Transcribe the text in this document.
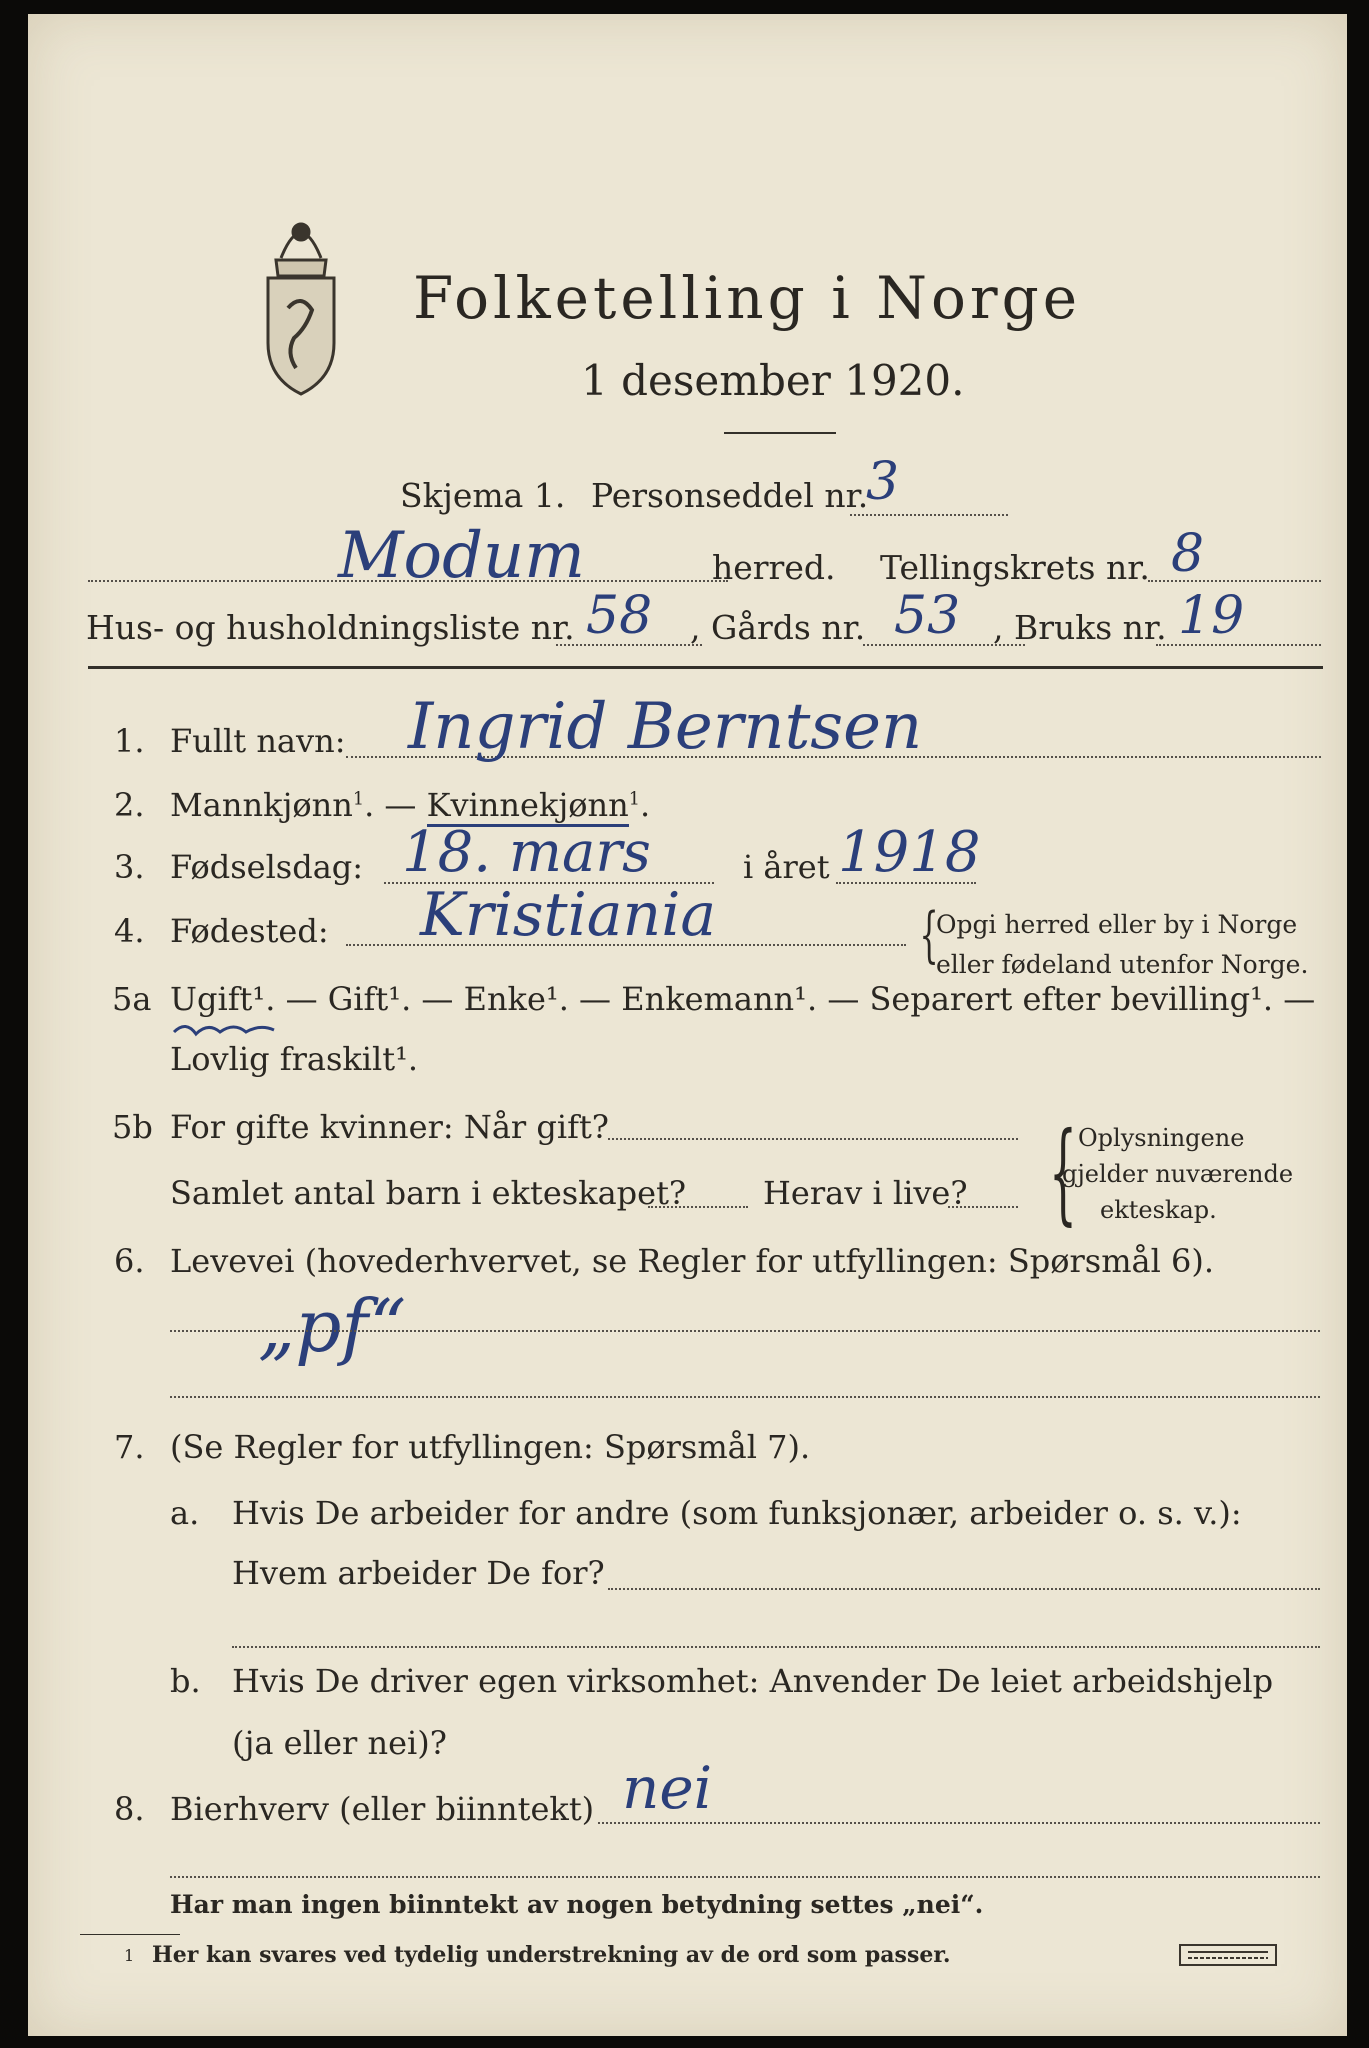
Folketelling i Norge
1 desember 1920.
Skjema 1. Personseddel nr.
3
Modum	herred. Tellingskrets nr. 8
Hus- og husholdningsliste nr. 58 , Gårds nr. 53 , Bruks nr. 19
1. Fullt navn: Ingrid Berntsen
2. Mannkjønn$^1$. — Kvinnekjønn$^1$.
3. Fødselsdag: 18. mars	i året 1918
4. Fødested: Kristiania	{
Opgi herred eller by i Norge
eller fødeland utenfor Norge.
5a Ugift¹. — Gift¹. — Enke¹. — Enkemann¹. — Separert efter bevilling¹. —
Lovlig fraskilt¹.
5b For gifte kvinner: Når gift?
Samlet antal barn i ekteskapet? Herav i live? { Oplysningene
gjelder nuværende
ekteskap.
6. Levevei (hovederhvervet, se Regler for utfyllingen: Spørsmål 6).
„pf“
7. (Se Regler for utfyllingen: Spørsmål 7).
a. Hvis De arbeider for andre (som funksjonær, arbeider o. s. v.):
Hvem arbeider De for?
b. Hvis De driver egen virksomhet: Anvender De leiet arbeidshjelp
(ja eller nei)?
8. Bierhverv (eller biinntekt) nei
Har man ingen biinntekt av nogen betydning settes „nei“.
1 Her kan svares ved tydelig understrekning av de ord som passer.
